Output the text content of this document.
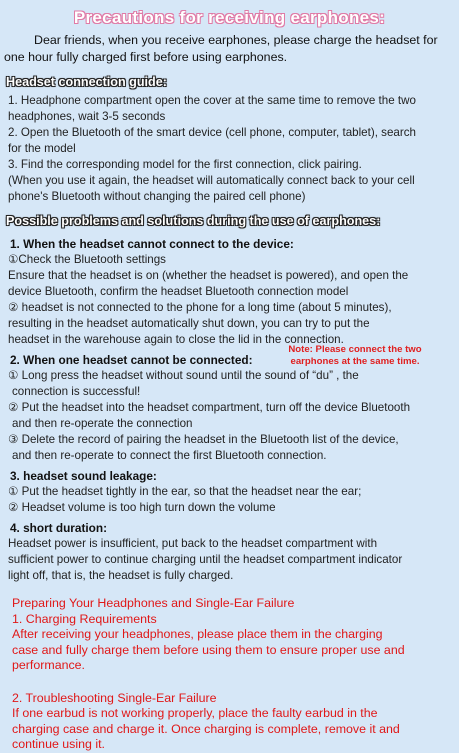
Precautions for receiving earphones:
Dear friends, when you receive earphones, please charge the headset for
one hour fully charged first before using earphones.
Headset connection guide:
1. Headphone compartment open the cover at the same time to remove the two
headphones, wait 3-5 seconds
2. Open the Bluetooth of the smart device (cell phone, computer, tablet), search
for the model
3. Find the corresponding model for the first connection, click pairing.
(When you use it again, the headset will automatically connect back to your cell
phone's Bluetooth without changing the paired cell phone)
Possible problems and solutions during the use of earphones:
1. When the headset cannot connect to the device:
①Check the Bluetooth settings
Ensure that the headset is on (whether the headset is powered), and open the
device Bluetooth, confirm the headset Bluetooth connection model
② headset is not connected to the phone for a long time (about 5 minutes),
resulting in the headset automatically shut down, you can try to put the
headset in the warehouse again to close the lid in the connection.
2. When one headset cannot be connected:
① Long press the headset without sound until the sound of “du” , the
connection is successful!
② Put the headset into the headset compartment, turn off the device Bluetooth
and then re-operate the connection
③ Delete the record of pairing the headset in the Bluetooth list of the device,
and then re-operate to connect the first Bluetooth connection.
3. headset sound leakage:
① Put the headset tightly in the ear, so that the headset near the ear;
② Headset volume is too high turn down the volume
4. short duration:
Headset power is insufficient, put back to the headset compartment with
sufficient power to continue charging until the headset compartment indicator
light off, that is, the headset is fully charged.
Preparing Your Headphones and Single-Ear Failure
1. Charging Requirements
After receiving your headphones, please place them in the charging
case and fully charge them before using them to ensure proper use and
performance.
2. Troubleshooting Single-Ear Failure
If one earbud is not working properly, place the faulty earbud in the
charging case and charge it. Once charging is complete, remove it and
continue using it.
Note: Please connect the two
earphones at the same time.
